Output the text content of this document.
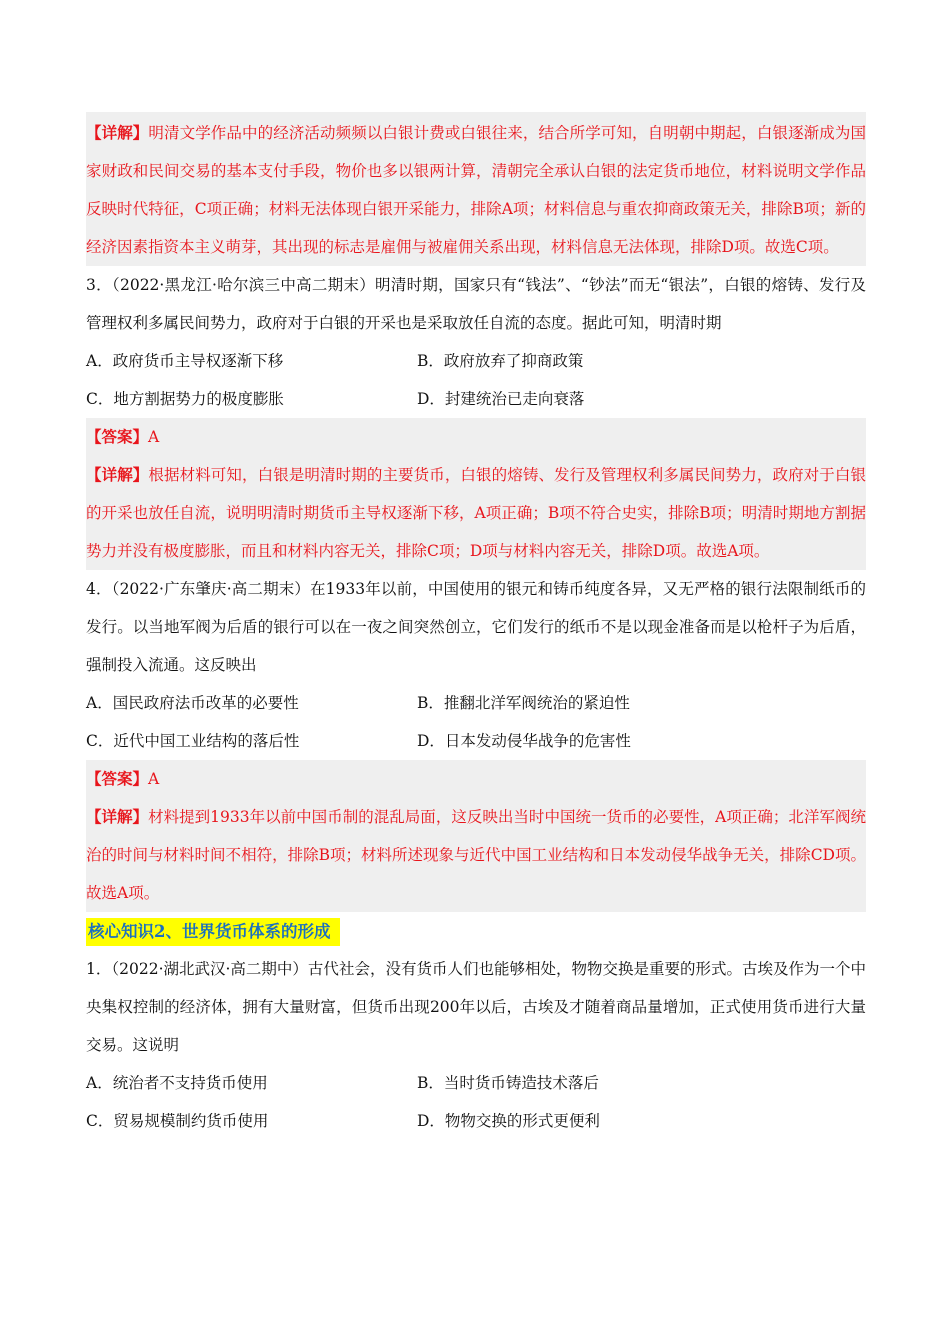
【详解】明清文学作品中的经济活动频频以白银计费或白银往来，结合所学可知，自明朝中期起，白银逐渐成为国家财政和民间交易的基本支付手段，物价也多以银两计算，清朝完全承认白银的法定货币地位，材料说明文学作品反映时代特征，C项正确；材料无法体现白银开采能力，排除A项；材料信息与重农抑商政策无关，排除B项；新的经济因素指资本主义萌芽，其出现的标志是雇佣与被雇佣关系出现，材料信息无法体现，排除D项。故选C项。

3．（2022·黑龙江·哈尔滨三中高二期末）明清时期，国家只有“钱法”、“钞法”而无“银法”，白银的熔铸、发行及管理权利多属民间势力，政府对于白银的开采也是采取放任自流的态度。据此可知，明清时期

A．政府货币主导权逐渐下移	B．政府放弃了抑商政策
C．地方割据势力的极度膨胀	D．封建统治已走向衰落

【答案】A

【详解】根据材料可知，白银是明清时期的主要货币，白银的熔铸、发行及管理权利多属民间势力，政府对于白银的开采也放任自流，说明明清时期货币主导权逐渐下移，A项正确；B项不符合史实，排除B项；明清时期地方割据势力并没有极度膨胀，而且和材料内容无关，排除C项；D项与材料内容无关，排除D项。故选A项。

4．（2022·广东肇庆·高二期末）在1933年以前，中国使用的银元和铸币纯度各异，又无严格的银行法限制纸币的发行。以当地军阀为后盾的银行可以在一夜之间突然创立，它们发行的纸币不是以现金准备而是以枪杆子为后盾，强制投入流通。这反映出

A．国民政府法币改革的必要性	B．推翻北洋军阀统治的紧迫性
C．近代中国工业结构的落后性	D．日本发动侵华战争的危害性

【答案】A

【详解】材料提到1933年以前中国币制的混乱局面，这反映出当时中国统一货币的必要性，A项正确；北洋军阀统治的时间与材料时间不相符，排除B项；材料所述现象与近代中国工业结构和日本发动侵华战争无关，排除CD项。故选A项。

核心知识2、世界货币体系的形成

1．（2022·湖北武汉·高二期中）古代社会，没有货币人们也能够相处，物物交换是重要的形式。古埃及作为一个中央集权控制的经济体，拥有大量财富，但货币出现200年以后，古埃及才随着商品量增加，正式使用货币进行大量交易。这说明

A．统治者不支持货币使用	B．当时货币铸造技术落后
C．贸易规模制约货币使用	D．物物交换的形式更便利
